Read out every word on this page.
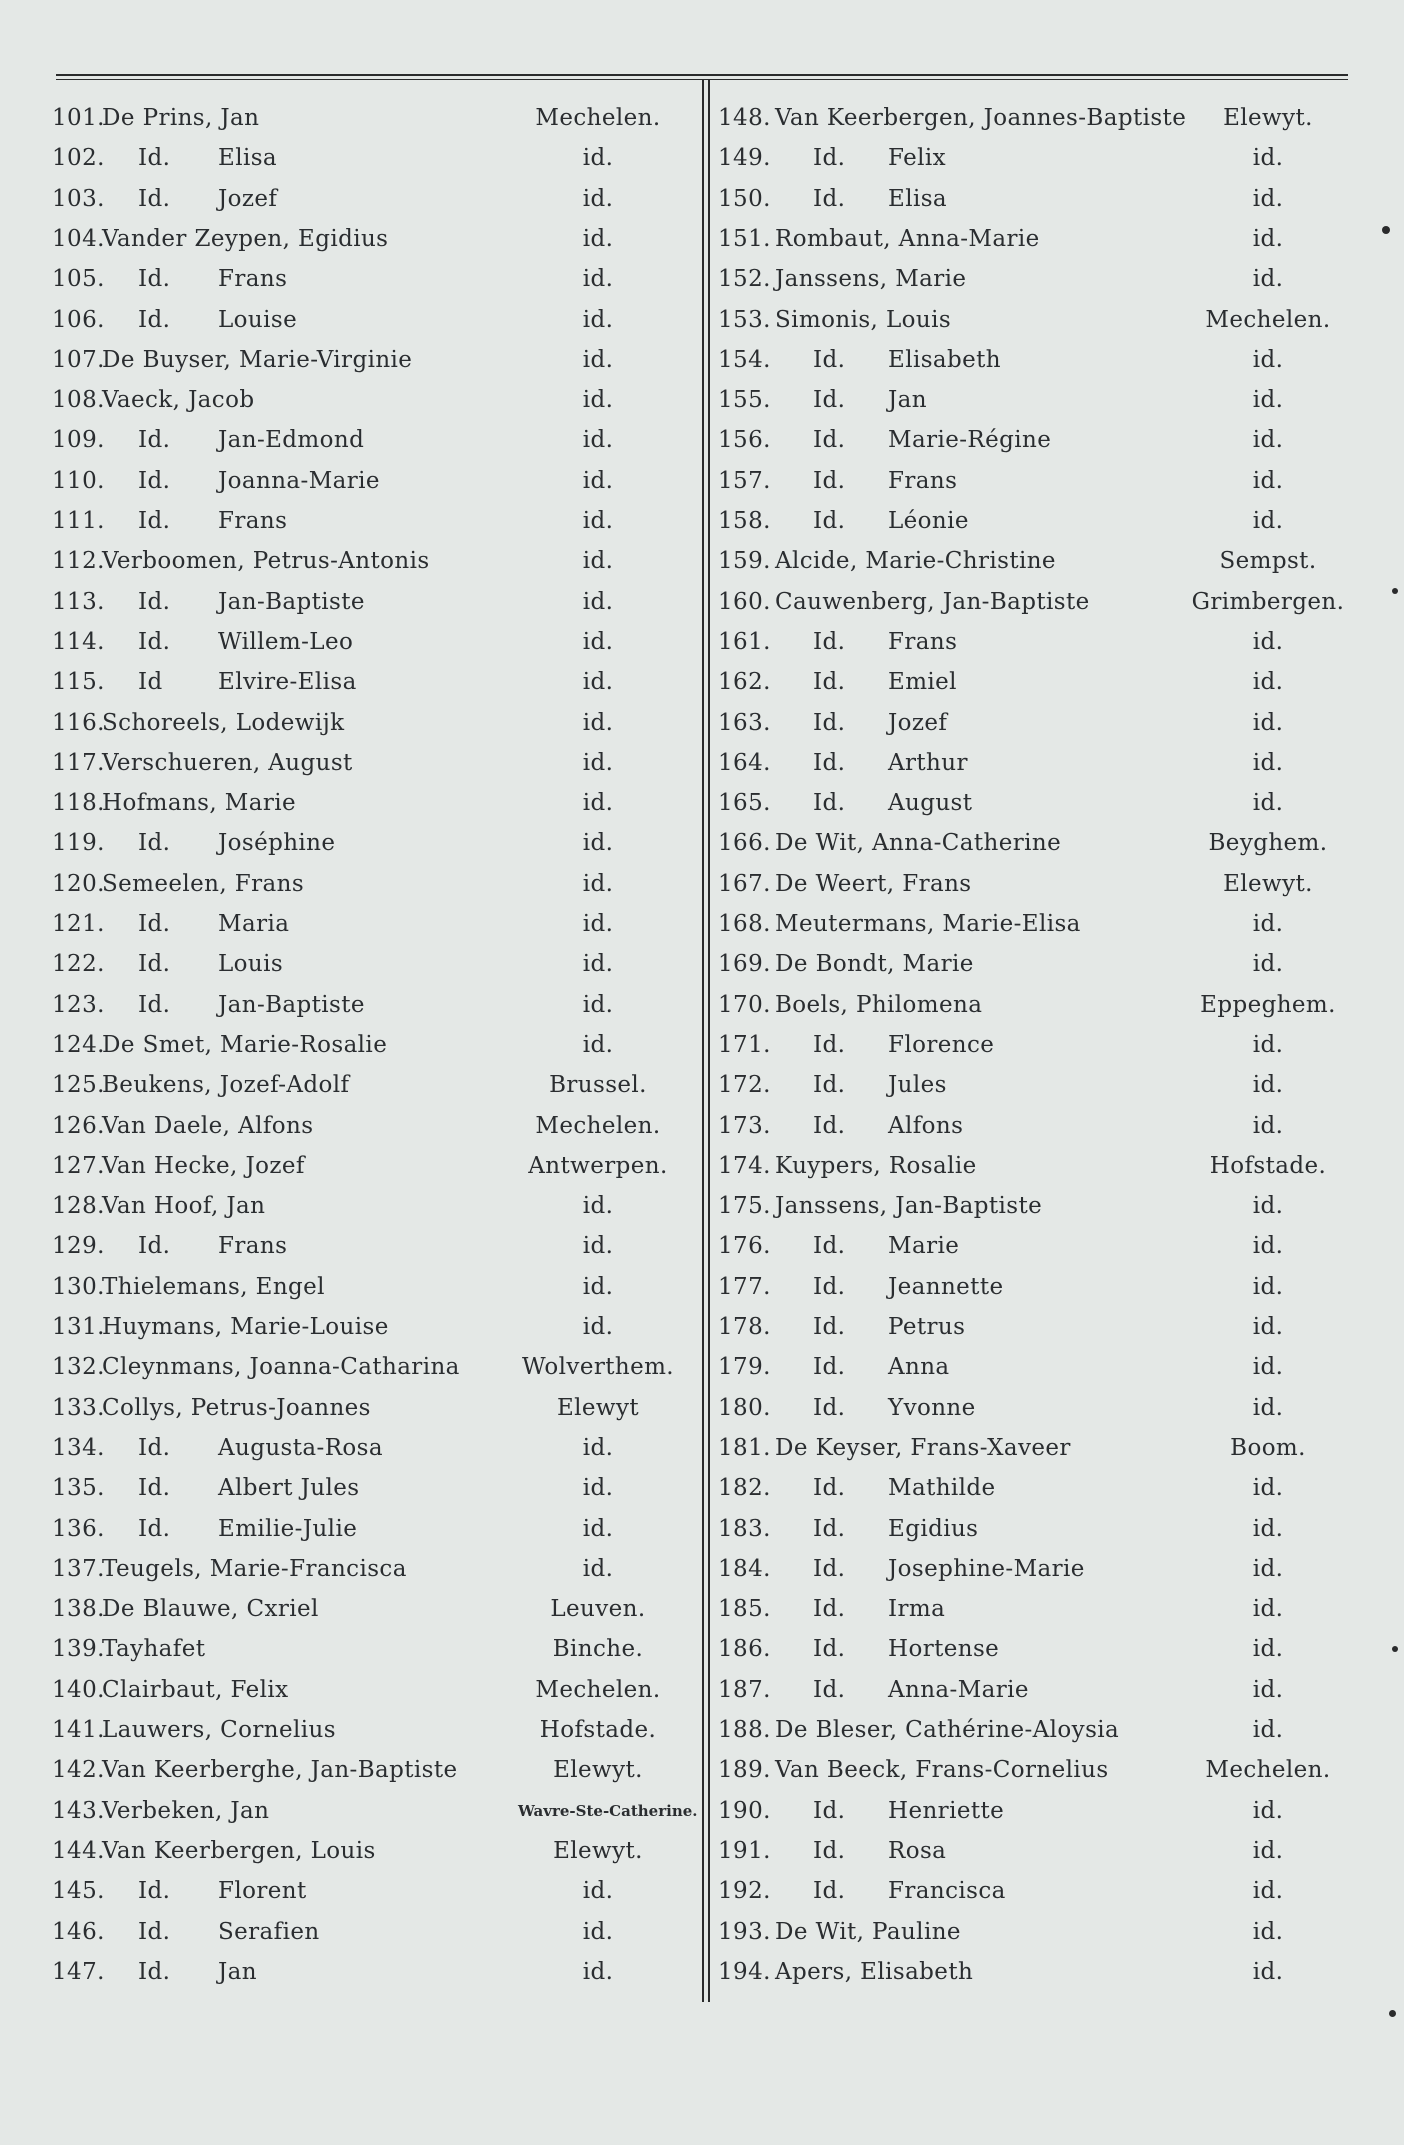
101.
De Prins, Jan	Mechelen.
102. Id. Elisa	id.
103. Id. Jozef	id.
104.
Vander Zeypen, Egidius	id.
105. Id. Frans	id.
106. Id. Louise	id.
107.
De Buyser, Marie-Virginie	id.
108.
Vaeck, Jacob	id.
109. Id. Jan-Edmond	id.
110. Id. Joanna-Marie	id.
111. Id. Frans	id.
112.
Verboomen, Petrus-Antonis	id.
113. Id. Jan-Baptiste	id.
114. Id. Willem-Leo	id.
115. Id Elvire-Elisa	id.
116.
Schoreels, Lodewijk	id.
117.
Verschueren, August	id.
118.
Hofmans, Marie	id.
119. Id. Joséphine	id.
120.
Semeelen, Frans	id.
121. Id. Maria	id.
122. Id. Louis	id.
123. Id. Jan-Baptiste	id.
124.
De Smet, Marie-Rosalie	id.
125.
Beukens, Jozef-Adolf	Brussel.
126.
Van Daele, Alfons	Mechelen.
127.
Van Hecke, Jozef	Antwerpen.
128.
Van Hoof, Jan	id.
129. Id. Frans	id.
130.
Thielemans, Engel	id.
131.
Huymans, Marie-Louise	id.
132.
Cleynmans, Joanna-Catharina	Wolverthem.
133.
Collys, Petrus-Joannes	Elewyt
134. Id. Augusta-Rosa	id.
135. Id. Albert Jules	id.
136. Id. Emilie-Julie	id.
137.
Teugels, Marie-Francisca	id.
138.
De Blauwe, Cxriel	Leuven.
139.
Tayhafet	Binche.
140.
Clairbaut, Felix	Mechelen.
141.
Lauwers, Cornelius	Hofstade.
142.
Van Keerberghe, Jan-Baptiste	Elewyt.
143.
Verbeken, Jan	Wavre-Ste-Catherine.
144.
Van Keerbergen, Louis	Elewyt.
145. Id. Florent	id.
146. Id. Serafien	id.
147. Id. Jan	id.
148. Van Keerbergen, Joannes-Baptiste	Elewyt.
149. Id. Felix	id.
150. Id. Elisa	id.
151. Rombaut, Anna-Marie	id.
152. Janssens, Marie	id.
153. Simonis, Louis	Mechelen.
154. Id. Elisabeth	id.
155. Id. Jan	id.
156. Id. Marie-Régine	id.
157. Id. Frans	id.
158. Id. Léonie	id.
159. Alcide, Marie-Christine	Sempst.
160. Cauwenberg, Jan-Baptiste	Grimbergen.
161. Id. Frans	id.
162. Id. Emiel	id.
163. Id. Jozef	id.
164. Id. Arthur	id.
165. Id. August	id.
166. De Wit, Anna-Catherine	Beyghem.
167. De Weert, Frans	Elewyt.
168. Meutermans, Marie-Elisa	id.
169. De Bondt, Marie	id.
170. Boels, Philomena	Eppeghem.
171. Id. Florence	id.
172. Id. Jules	id.
173. Id. Alfons	id.
174. Kuypers, Rosalie	Hofstade.
175. Janssens, Jan-Baptiste	id.
176. Id. Marie	id.
177. Id. Jeannette	id.
178. Id. Petrus	id.
179. Id. Anna	id.
180. Id. Yvonne	id.
181. De Keyser, Frans-Xaveer	Boom.
182. Id. Mathilde	id.
183. Id. Egidius	id.
184. Id. Josephine-Marie	id.
185. Id. Irma	id.
186. Id. Hortense	id.
187. Id. Anna-Marie	id.
188. De Bleser, Cathérine-Aloysia	id.
189. Van Beeck, Frans-Cornelius	Mechelen.
190. Id. Henriette	id.
191. Id. Rosa	id.
192. Id. Francisca	id.
193. De Wit, Pauline	id.
194. Apers, Elisabeth	id.
